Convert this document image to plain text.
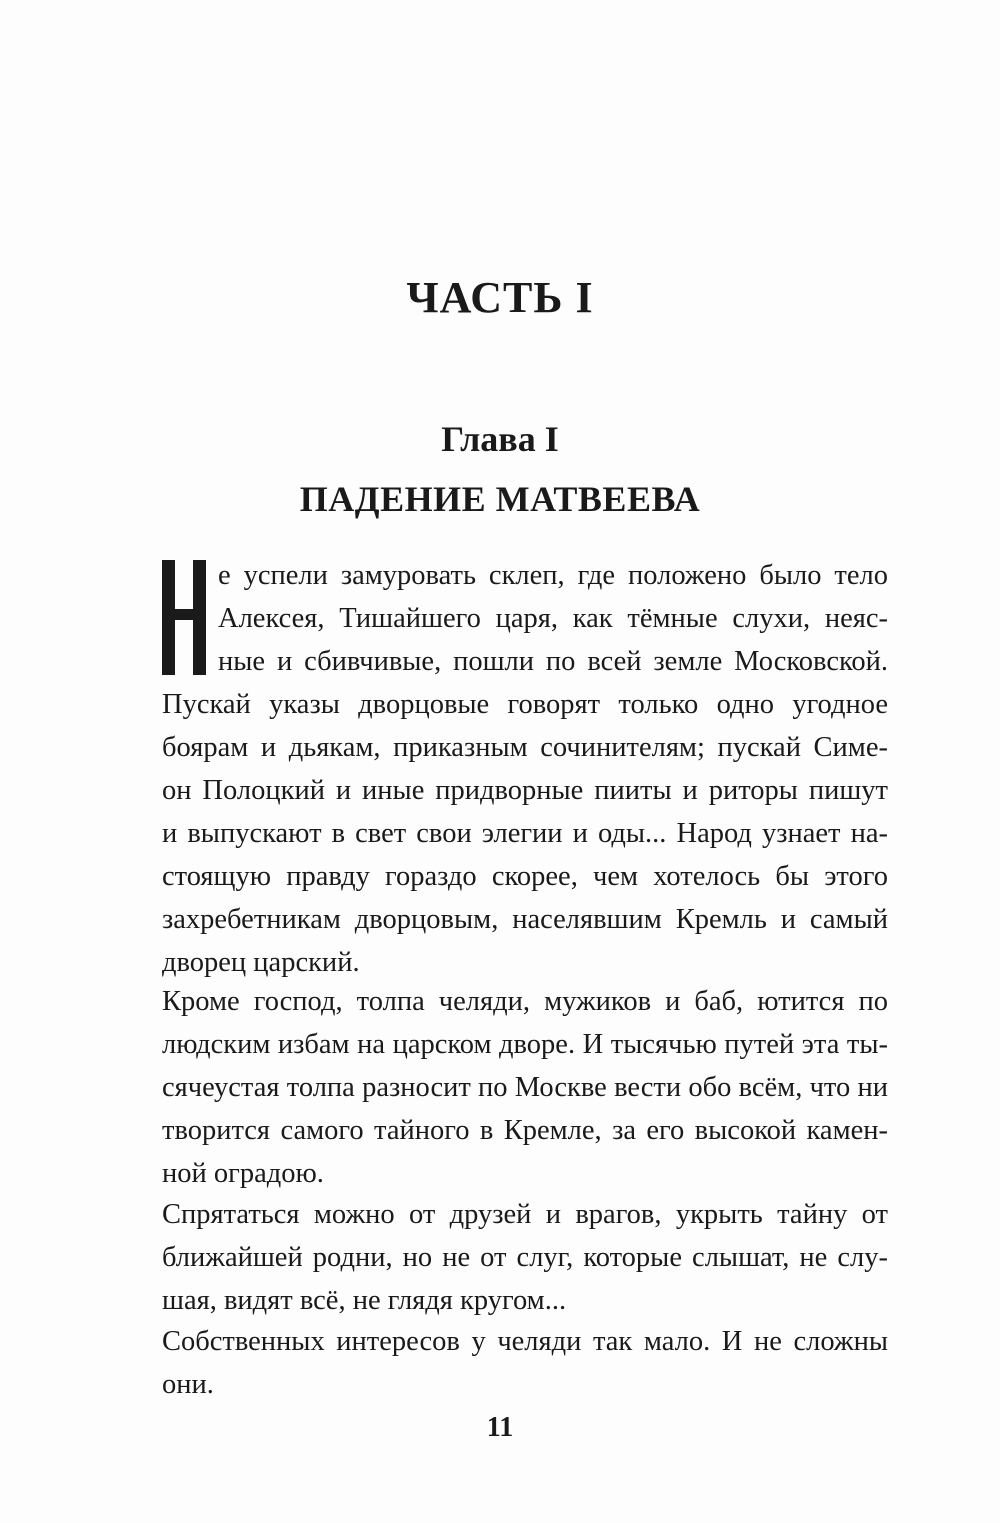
ЧАСТЬ I
Глава I
ПАДЕНИЕ МАТВЕЕВА
Н е успели замуровать склеп, где положено было тело
Алексея, Тишайшего царя, как тёмные слухи, неяс-
ные и сбивчивые, пошли по всей земле Московской.
Пускай указы дворцовые говорят только одно угодное
боярам и дьякам, приказным сочинителям; пускай Симе-
он Полоцкий и иные придворные пииты и риторы пишут
и выпускают в свет свои элегии и оды... Народ узнает на-
стоящую правду гораздо скорее, чем хотелось бы этого
захребетникам дворцовым, населявшим Кремль и самый
дворец царский.
Кроме господ, толпа челяди, мужиков и баб, ютится по
людским избам на царском дворе. И тысячью путей эта ты-
сячеустая толпа разносит по Москве вести обо всём, что ни
творится самого тайного в Кремле, за его высокой камен-
ной оградою.
Спрятаться можно от друзей и врагов, укрыть тайну от
ближайшей родни, но не от слуг, которые слышат, не слу-
шая, видят всё, не глядя кругом...
Собственных интересов у челяди так мало. И не сложны
они.
11
